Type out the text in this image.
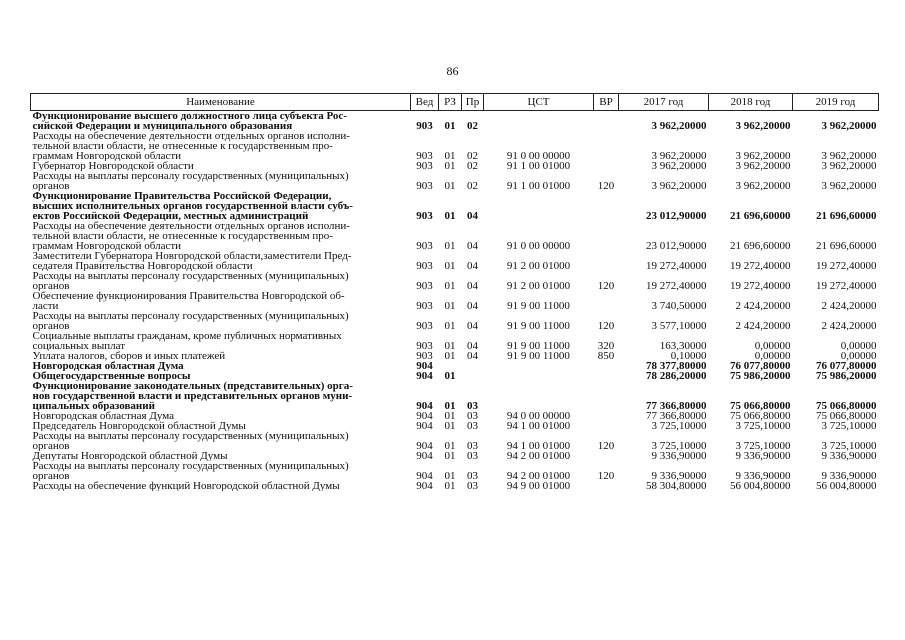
86
Наименование	Вед	РЗ	Пр	ЦСТ	ВР	2017 год	2018 год	2019 год

Функционирование высшего должностного лица субъекта Рос-
сийской Федерации и муниципального образования	903	01	02			3 962,20000	3 962,20000	3 962,20000

Расходы на обеспечение деятельности отдельных органов исполни-
тельной власти области, не отнесенные к государственным про-
граммам Новгородской области	903	01	02	91 0 00 00000		3 962,20000	3 962,20000	3 962,20000

Губернатор Новгородской области	903	01	02	91 1 00 01000		3 962,20000	3 962,20000	3 962,20000

Расходы на выплаты персоналу государственных (муниципальных)
органов	903	01	02	91 1 00 01000	120	3 962,20000	3 962,20000	3 962,20000

Функционирование Правительства Российской Федерации,
высших исполнительных органов государственной власти субъ-
ектов Российской Федерации, местных администраций	903	01	04			23 012,90000	21 696,60000	21 696,60000

Расходы на обеспечение деятельности отдельных органов исполни-
тельной власти области, не отнесенные к государственным про-
граммам Новгородской области	903	01	04	91 0 00 00000		23 012,90000	21 696,60000	21 696,60000

Заместители Губернатора Новгородской области,заместители Пред-
седателя Правительства Новгородской области	903	01	04	91 2 00 01000		19 272,40000	19 272,40000	19 272,40000

Расходы на выплаты персоналу государственных (муниципальных)
органов	903	01	04	91 2 00 01000	120	19 272,40000	19 272,40000	19 272,40000

Обеспечение функционирования Правительства Новгородской об-
ласти	903	01	04	91 9 00 11000		3 740,50000	2 424,20000	2 424,20000

Расходы на выплаты персоналу государственных (муниципальных)
органов	903	01	04	91 9 00 11000	120	3 577,10000	2 424,20000	2 424,20000

Социальные выплаты гражданам, кроме публичных нормативных
социальных выплат	903	01	04	91 9 00 11000	320	163,30000	0,00000	0,00000

Уплата налогов, сборов и иных платежей	903	01	04	91 9 00 11000	850	0,10000	0,00000	0,00000

Новгородская областная Дума	904					78 377,80000	76 077,80000	76 077,80000

Общегосударственные вопросы	904	01				78 286,20000	75 986,20000	75 986,20000

Функционирование законодательных (представительных) орга-
нов государственной власти и представительных органов муни-
ципальных образований	904	01	03			77 366,80000	75 066,80000	75 066,80000

Новгородская областная Дума	904	01	03	94 0 00 00000		77 366,80000	75 066,80000	75 066,80000

Председатель Новгородской областной Думы	904	01	03	94 1 00 01000		3 725,10000	3 725,10000	3 725,10000

Расходы на выплаты персоналу государственных (муниципальных)
органов	904	01	03	94 1 00 01000	120	3 725,10000	3 725,10000	3 725,10000

Депутаты Новгородской областной Думы	904	01	03	94 2 00 01000		9 336,90000	9 336,90000	9 336,90000

Расходы на выплаты персоналу государственных (муниципальных)
органов	904	01	03	94 2 00 01000	120	9 336,90000	9 336,90000	9 336,90000

Расходы на обеспечение функций Новгородской областной Думы	904	01	03	94 9 00 01000		58 304,80000	56 004,80000	56 004,80000
